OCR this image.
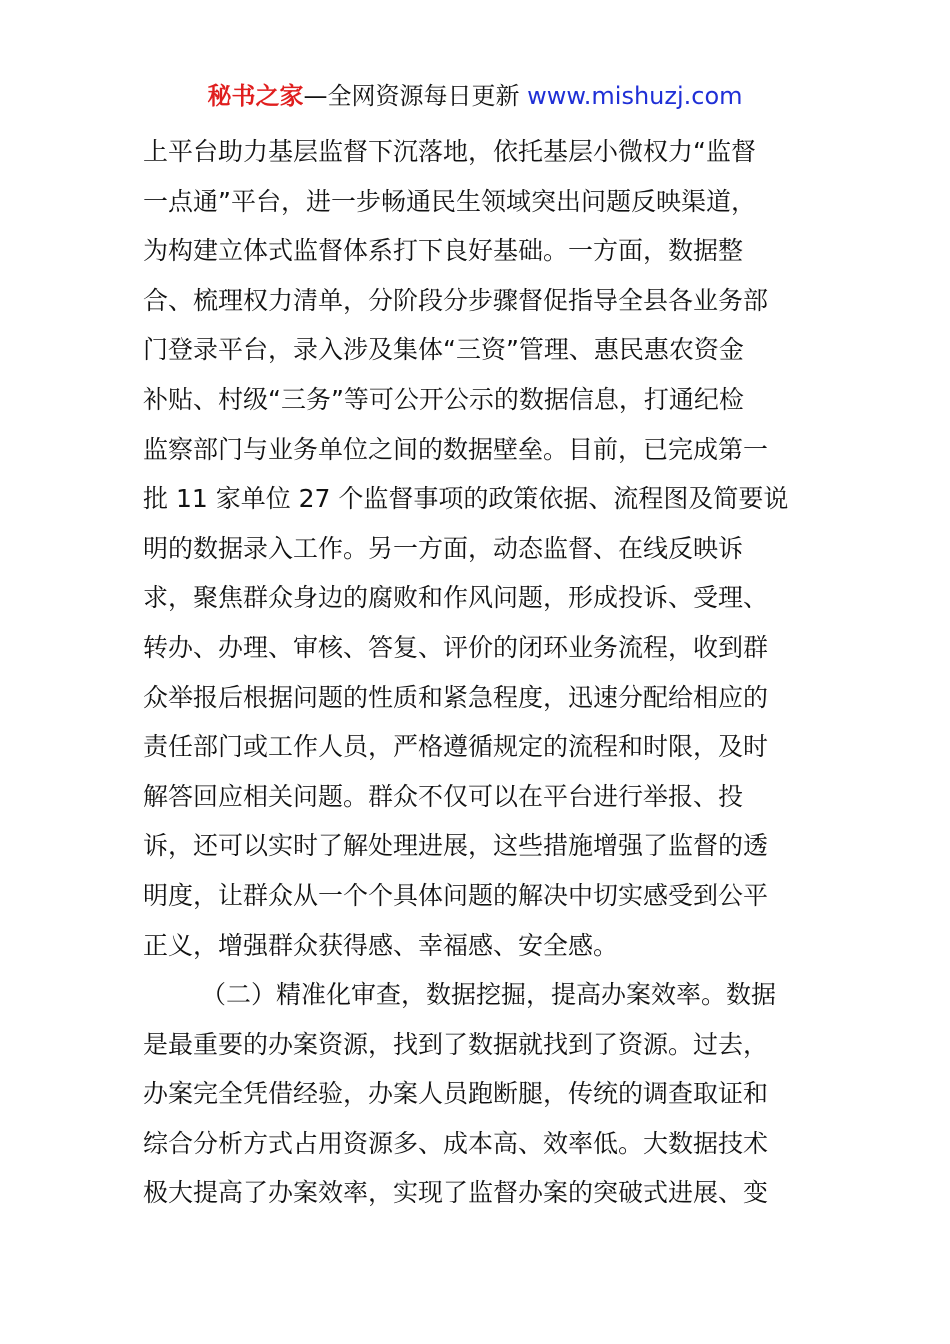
秘书之家—全网资源每日更新 www.mishuzj.com
上平台助力基层监督下沉落地，依托基层小微权力“监督
一点通”平台，进一步畅通民生领域突出问题反映渠道，
为构建立体式监督体系打下良好基础。一方面，数据整
合、梳理权力清单，分阶段分步骤督促指导全县各业务部
门登录平台，录入涉及集体“三资”管理、惠民惠农资金
补贴、村级“三务”等可公开公示的数据信息，打通纪检
监察部门与业务单位之间的数据壁垒。目前，已完成第一
批 11 家单位 27 个监督事项的政策依据、流程图及简要说
明的数据录入工作。另一方面，动态监督、在线反映诉
求，聚焦群众身边的腐败和作风问题，形成投诉、受理、
转办、办理、审核、答复、评价的闭环业务流程，收到群
众举报后根据问题的性质和紧急程度，迅速分配给相应的
责任部门或工作人员，严格遵循规定的流程和时限，及时
解答回应相关问题。群众不仅可以在平台进行举报、投
诉，还可以实时了解处理进展，这些措施增强了监督的透
明度，让群众从一个个具体问题的解决中切实感受到公平
正义，增强群众获得感、幸福感、安全感。
（二）精准化审查，数据挖掘，提高办案效率。数据
是最重要的办案资源，找到了数据就找到了资源。过去，
办案完全凭借经验，办案人员跑断腿，传统的调查取证和
综合分析方式占用资源多、成本高、效率低。大数据技术
极大提高了办案效率，实现了监督办案的突破式进展、变
